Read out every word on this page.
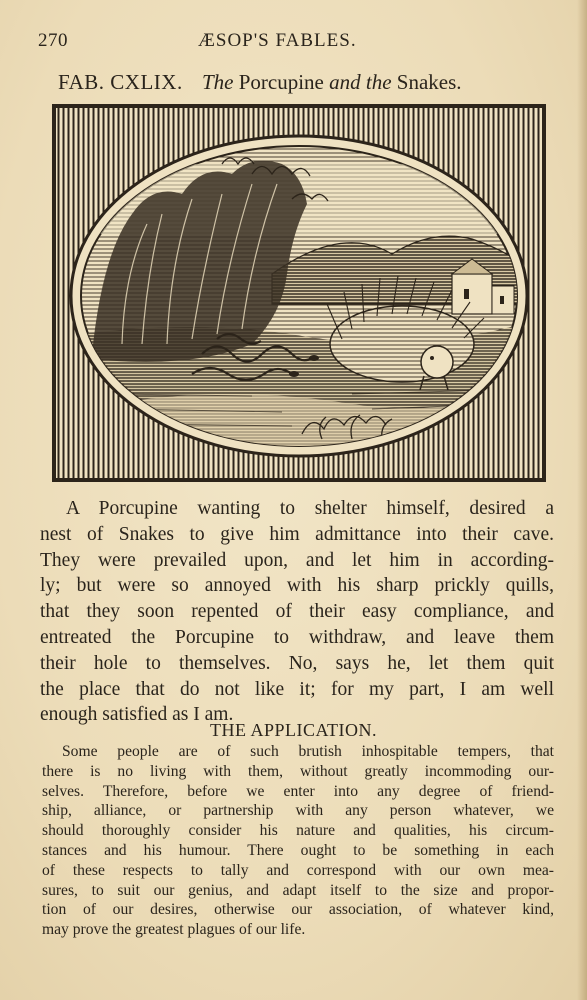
270	ÆSOP'S FABLES.
FAB. CXLIX. The Porcupine and the Snakes.
A Porcupine wanting to shelter himself, desired a
nest of Snakes to give him admittance into their cave.
They were prevailed upon, and let him in according-
ly; but were so annoyed with his sharp prickly quills,
that they soon repented of their easy compliance, and
entreated the Porcupine to withdraw, and leave them
their hole to themselves. No, says he, let them quit
the place that do not like it; for my part, I am well
enough satisfied as I am.
THE APPLICATION.
Some people are of such brutish inhospitable tempers, that
there is no living with them, without greatly incommoding our-
selves. Therefore, before we enter into any degree of friend-
ship, alliance, or partnership with any person whatever, we
should thoroughly consider his nature and qualities, his circum-
stances and his humour. There ought to be something in each
of these respects to tally and correspond with our own mea-
sures, to suit our genius, and adapt itself to the size and propor-
tion of our desires, otherwise our association, of whatever kind,
may prove the greatest plagues of our life.
